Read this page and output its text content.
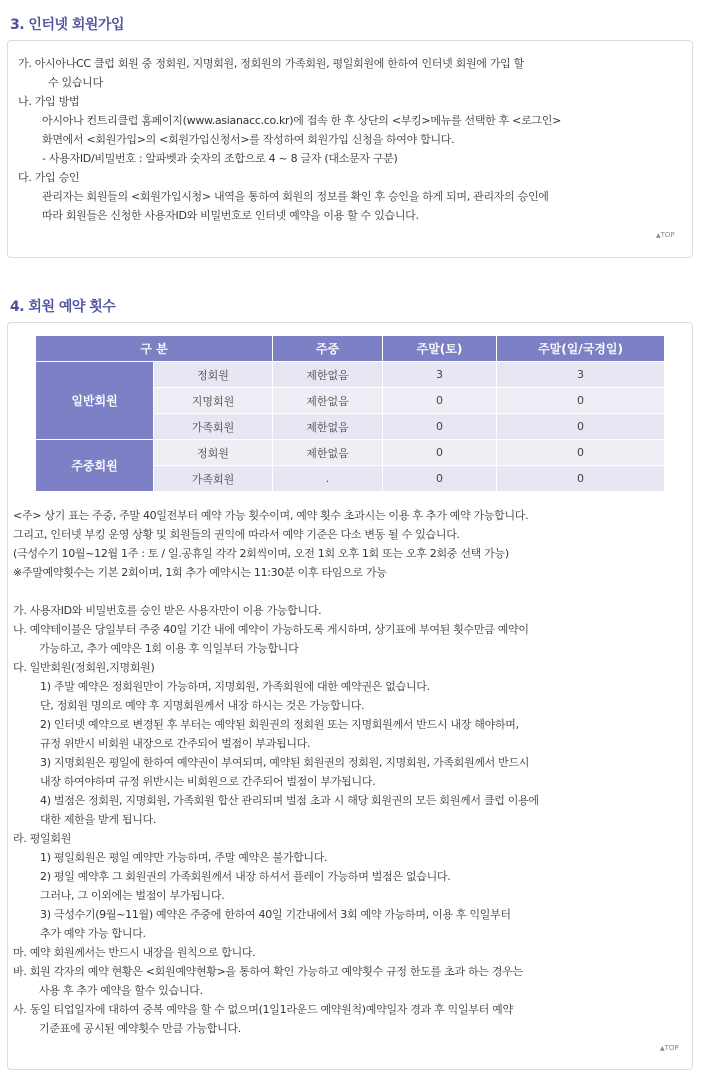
3. 인터넷 회원가입
가. 아시아나CC 클럽 회원 중 정회원, 지명회원, 정회원의 가족회원, 평일회원에 한하여 인터넷 회원에 가입 할
수 있습니다
나. 가입 방법
아시아나 컨트리클럽 홈페이지(www.asianacc.co.kr)에 접속 한 후 상단의 <부킹>메뉴를 선택한 후 <로그인>
화면에서 <회원가입>의 <회원가입신청서>를 작성하여 회원가입 신청을 하여야 합니다.
- 사용자ID/비밀번호 : 알파벳과 숫자의 조합으로 4 ~ 8 글자 (대소문자 구분)
다. 가입 승인
관리자는 회원들의 <회원가입시청> 내역을 통하여 회원의 정보를 확인 후 승인을 하게 되며, 관리자의 승인에
따라 회원들은 신청한 사용자ID와 비밀번호로 인터넷 예약을 이용 할 수 있습니다.
▲TOP
4. 회원 예약 횟수
구 분		주중	주말(토)	주말(일/국경일)
일반회원	정회원	제한없음	3	3
	지명회원	제한없음	0	0
	가족회원	제한없음	0	0
주중회원	정회원	제한없음	0	0
	가족회원	.	0	0
<주> 상기 표는 주중, 주말 40일전부터 예약 가능 횟수이며, 예약 횟수 초과시는 이용 후 추가 예약 가능합니다.
그리고, 인터넷 부킹 운영 상황 및 회원들의 권익에 따라서 예약 기준은 다소 변동 될 수 있습니다.
(극성수기 10월~12월 1주 : 토 / 일.공휴일 각각 2회씩이며, 오전 1회 오후 1회 또는 오후 2회중 선택 가능)
※주말예약횟수는 기본 2회이며, 1회 추가 예약시는 11:30분 이후 타임으로 가능
가. 사용자ID와 비밀번호를 승인 받은 사용자만이 이용 가능합니다.
나. 예약테이블은 당일부터 주중 40일 기간 내에 예약이 가능하도록 게시하며, 상기표에 부여된 횟수만큼 예약이
가능하고, 추가 예약은 1회 이용 후 익일부터 가능합니다
다. 일반회원(정회원,지명회원)
1) 주말 예약은 정회원만이 가능하며, 지명회원, 가족회원에 대한 예약권은 없습니다.
단, 정회원 명의로 예약 후 지명회원께서 내장 하시는 것은 가능합니다.
2) 인터넷 예약으로 변경된 후 부터는 예약된 회원권의 정회원 또는 지명회원께서 반드시 내장 해야하며,
규정 위반시 비회원 내장으로 간주되어 벌점이 부과됩니다.
3) 지명회원은 평일에 한하여 예약권이 부여되며, 예약된 회원권의 정회원, 지명회원, 가족회원께서 반드시
내장 하여야하며 규정 위반시는 비회원으로 간주되어 벌점이 부가됩니다.
4) 벌점은 정회원, 지명회원, 가족회원 합산 관리되며 벌점 초과 시 해당 회원권의 모든 회원께서 클럽 이용에
대한 제한을 받게 됩니다.
라. 평일회원
1) 평일회원은 평일 예약만 가능하며, 주말 예약은 불가합니다.
2) 평일 예약후 그 회원권의 가족회원께서 내장 하셔서 플레이 가능하며 벌점은 없습니다.
그러나, 그 이외에는 벌점이 부가됩니다.
3) 극성수기(9월~11월) 예약은 주중에 한하여 40일 기간내에서 3회 예약 가능하며, 이용 후 익일부터
추가 예약 가능 합니다.
마. 예약 회원께서는 반드시 내장을 원칙으로 합니다.
바. 회원 각자의 예약 현황은 <회원예약현황>을 통하여 확인 가능하고 예약횟수 규정 한도를 초과 하는 경우는
사용 후 추가 예약을 할수 있습니다.
사. 동일 티업일자에 대하여 중복 예약을 할 수 없으며(1일1라운드 예약원칙)예약일자 경과 후 익일부터 예약
기준표에 공시된 예약횟수 만큼 가능합니다.
▲TOP
